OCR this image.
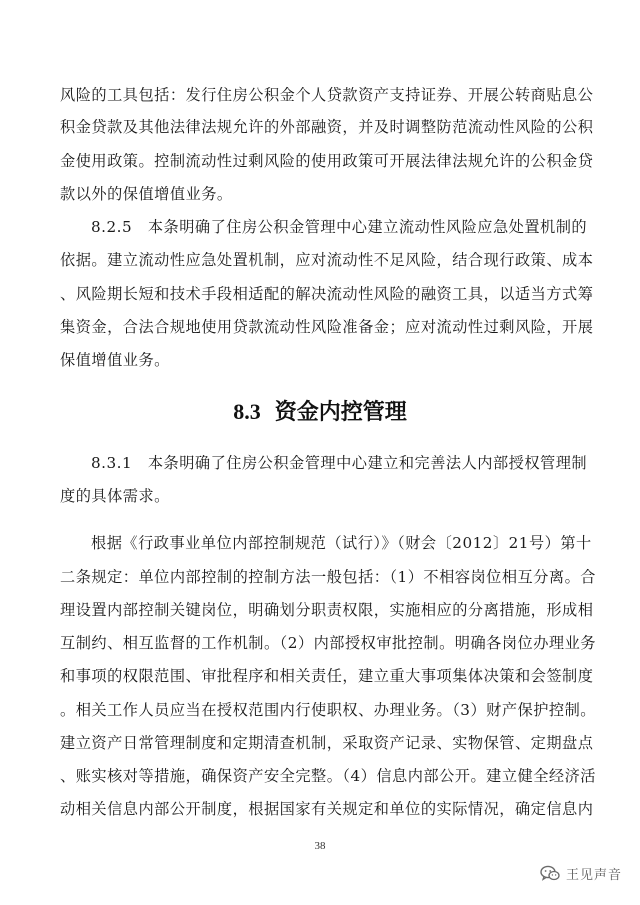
风险的工具包括：发行住房公积金个人贷款资产支持证券、开展公转商贴息公
积金贷款及其他法律法规允许的外部融资，并及时调整防范流动性风险的公积
金使用政策。控制流动性过剩风险的使用政策可开展法律法规允许的公积金贷
款以外的保值增值业务。
8.2.5　本条明确了住房公积金管理中心建立流动性风险应急处置机制的
依据。建立流动性应急处置机制，应对流动性不足风险，结合现行政策、成本
、风险期长短和技术手段相适配的解决流动性风险的融资工具，以适当方式筹
集资金，合法合规地使用贷款流动性风险准备金；应对流动性过剩风险，开展
保值增值业务。
8.3 资金内控管理
8.3.1　本条明确了住房公积金管理中心建立和完善法人内部授权管理制
度的具体需求。
根据《行政事业单位内部控制规范（试行）》（财会〔2012〕21号）第十
二条规定：单位内部控制的控制方法一般包括：（1）不相容岗位相互分离。合
理设置内部控制关键岗位，明确划分职责权限，实施相应的分离措施，形成相
互制约、相互监督的工作机制。（2）内部授权审批控制。明确各岗位办理业务
和事项的权限范围、审批程序和相关责任，建立重大事项集体决策和会签制度
。相关工作人员应当在授权范围内行使职权、办理业务。（3）财产保护控制。
建立资产日常管理制度和定期清查机制，采取资产记录、实物保管、定期盘点
、账实核对等措施，确保资产安全完整。（4）信息内部公开。建立健全经济活
动相关信息内部公开制度，根据国家有关规定和单位的实际情况，确定信息内
38
王见声音
